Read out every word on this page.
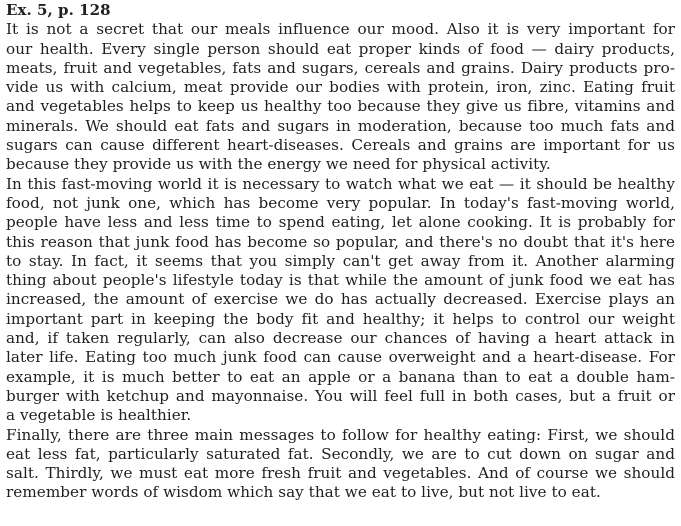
Ex. 5, p. 128
It is not a secret that our meals influence our mood. Also it is very important for
our health. Every single person should eat proper kinds of food — dairy products,
meats, fruit and vegetables, fats and sugars, cereals and grains. Dairy products pro-
vide us with calcium, meat provide our bodies with protein, iron, zinc. Eating fruit
and vegetables helps to keep us healthy too because they give us fibre, vitamins and
minerals. We should eat fats and sugars in moderation, because too much fats and
sugars can cause different heart-diseases. Cereals and grains are important for us
because they provide us with the energy we need for physical activity.
In this fast-moving world it is necessary to watch what we eat — it should be healthy
food, not junk one, which has become very popular. In today's fast-moving world,
people have less and less time to spend eating, let alone cooking. It is probably for
this reason that junk food has become so popular, and there's no doubt that it's here
to stay. In fact, it seems that you simply can't get away from it. Another alarming
thing about people's lifestyle today is that while the amount of junk food we eat has
increased, the amount of exercise we do has actually decreased. Exercise plays an
important part in keeping the body fit and healthy; it helps to control our weight
and, if taken regularly, can also decrease our chances of having a heart attack in
later life. Eating too much junk food can cause overweight and a heart-disease. For
example, it is much better to eat an apple or a banana than to eat a double ham-
burger with ketchup and mayonnaise. You will feel full in both cases, but a fruit or
a vegetable is healthier.
Finally, there are three main messages to follow for healthy eating: First, we should
eat less fat, particularly saturated fat. Secondly, we are to cut down on sugar and
salt. Thirdly, we must eat more fresh fruit and vegetables. And of course we should
remember words of wisdom which say that we eat to live, but not live to eat.
